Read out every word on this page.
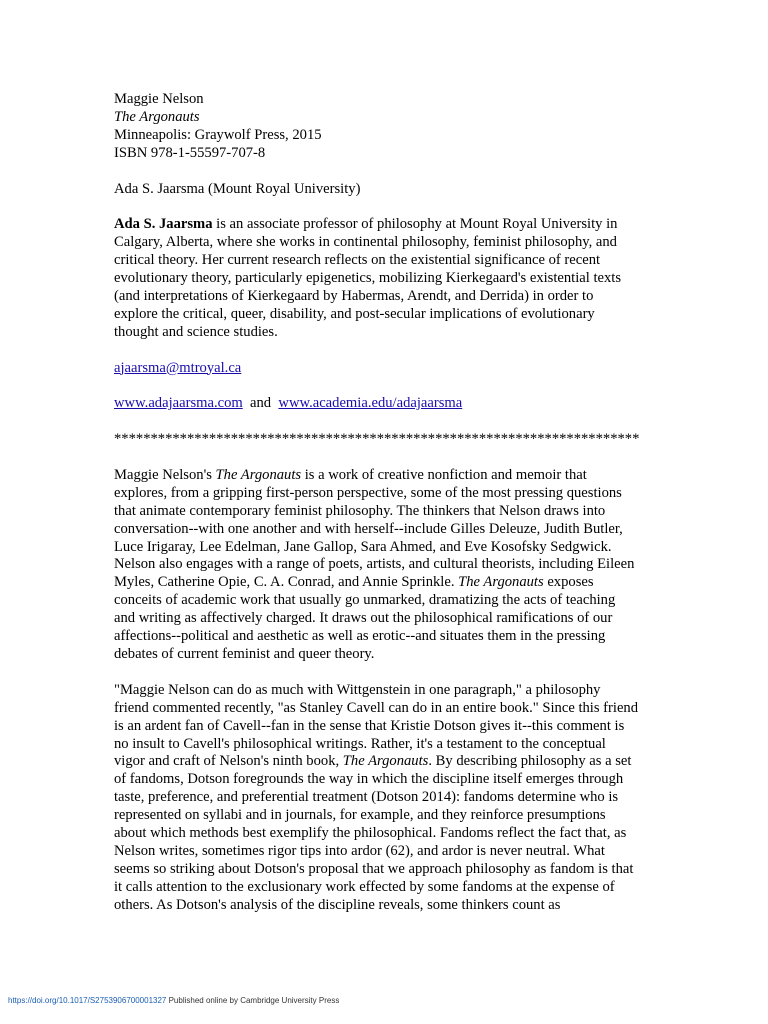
Maggie Nelson
The Argonauts
Minneapolis: Graywolf Press, 2015
ISBN 978-1-55597-707-8
Ada S. Jaarsma (Mount Royal University)
Ada S. Jaarsma is an associate professor of philosophy at Mount Royal University in
Calgary, Alberta, where she works in continental philosophy, feminist philosophy, and
critical theory. Her current research reflects on the existential significance of recent
evolutionary theory, particularly epigenetics, mobilizing Kierkegaard's existential texts
(and interpretations of Kierkegaard by Habermas, Arendt, and Derrida) in order to
explore the critical, queer, disability, and post-secular implications of evolutionary
thought and science studies.
ajaarsma@mtroyal.ca
www.adajaarsma.com and www.academia.edu/adajaarsma
************************************************************************
Maggie Nelson's The Argonauts is a work of creative nonfiction and memoir that
explores, from a gripping first-person perspective, some of the most pressing questions
that animate contemporary feminist philosophy. The thinkers that Nelson draws into
conversation--with one another and with herself--include Gilles Deleuze, Judith Butler,
Luce Irigaray, Lee Edelman, Jane Gallop, Sara Ahmed, and Eve Kosofsky Sedgwick.
Nelson also engages with a range of poets, artists, and cultural theorists, including Eileen
Myles, Catherine Opie, C. A. Conrad, and Annie Sprinkle. The Argonauts exposes
conceits of academic work that usually go unmarked, dramatizing the acts of teaching
and writing as affectively charged. It draws out the philosophical ramifications of our
affections--political and aesthetic as well as erotic--and situates them in the pressing
debates of current feminist and queer theory.
"Maggie Nelson can do as much with Wittgenstein in one paragraph," a philosophy
friend commented recently, "as Stanley Cavell can do in an entire book." Since this friend
is an ardent fan of Cavell--fan in the sense that Kristie Dotson gives it--this comment is
no insult to Cavell's philosophical writings. Rather, it's a testament to the conceptual
vigor and craft of Nelson's ninth book, The Argonauts. By describing philosophy as a set
of fandoms, Dotson foregrounds the way in which the discipline itself emerges through
taste, preference, and preferential treatment (Dotson 2014): fandoms determine who is
represented on syllabi and in journals, for example, and they reinforce presumptions
about which methods best exemplify the philosophical. Fandoms reflect the fact that, as
Nelson writes, sometimes rigor tips into ardor (62), and ardor is never neutral. What
seems so striking about Dotson's proposal that we approach philosophy as fandom is that
it calls attention to the exclusionary work effected by some fandoms at the expense of
others. As Dotson's analysis of the discipline reveals, some thinkers count as
https://doi.org/10.1017/S2753906700001327 Published online by Cambridge University Press
